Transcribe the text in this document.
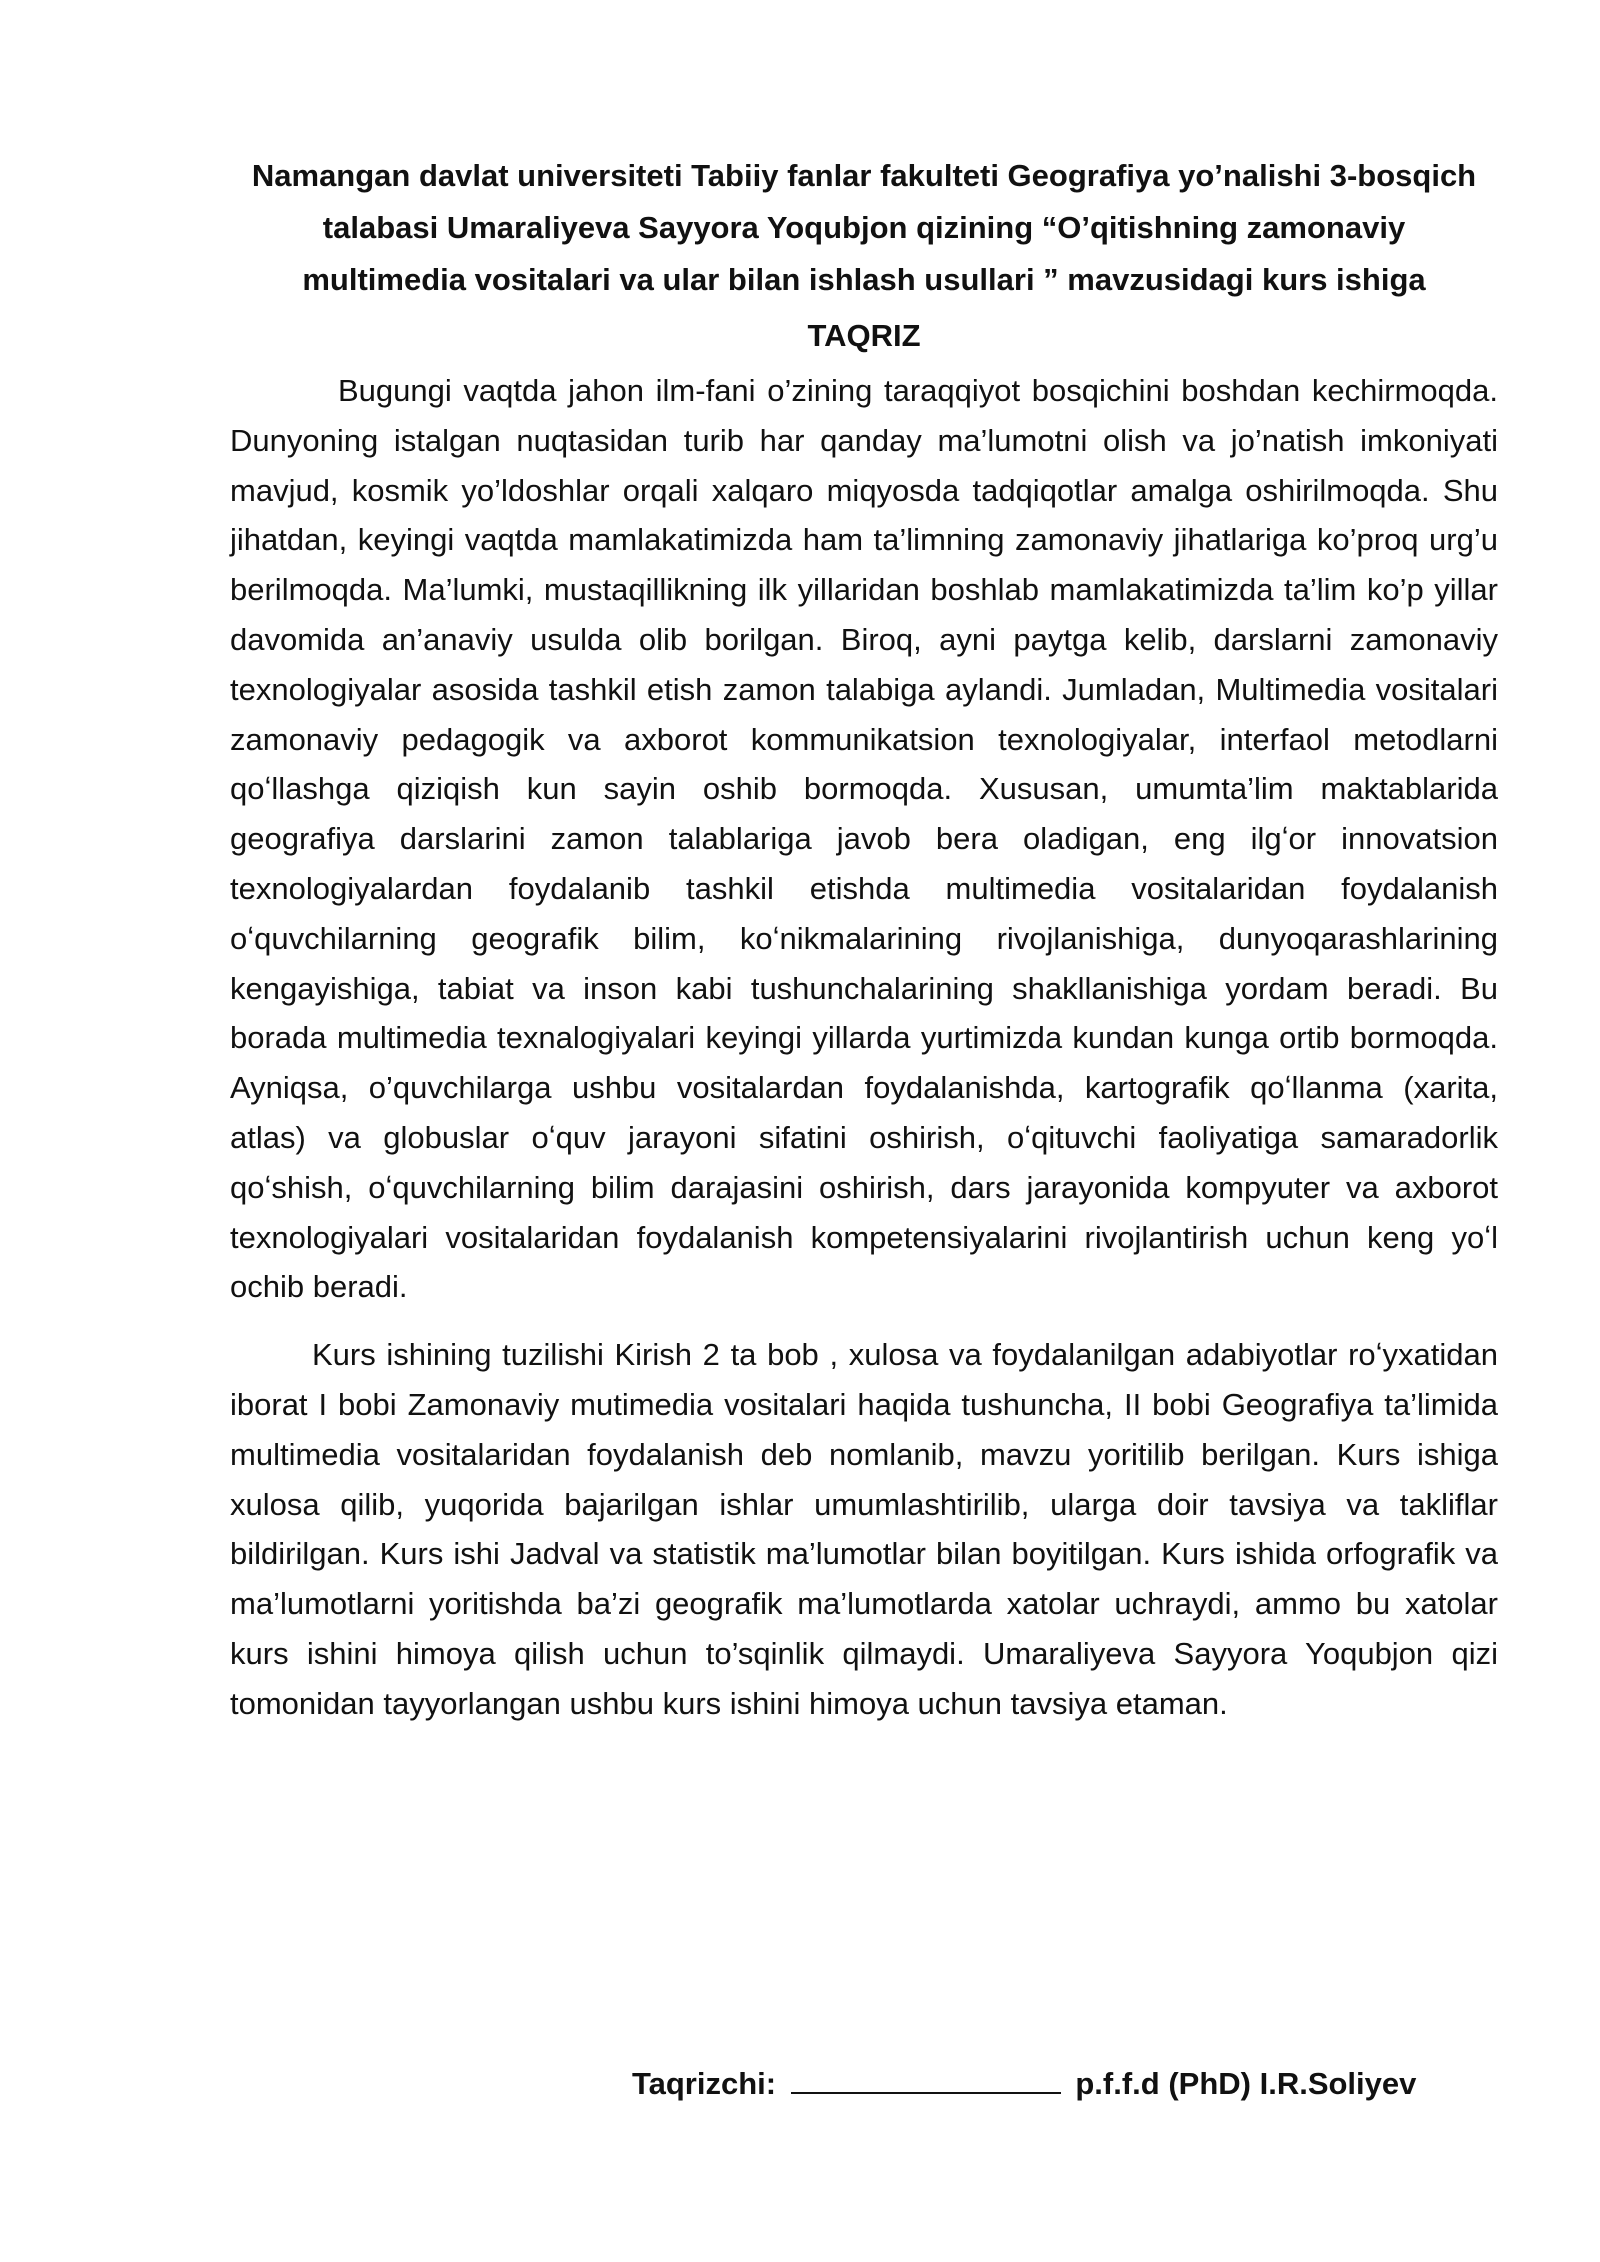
Namangan davlat universiteti Tabiiy fanlar fakulteti Geografiya yo’nalishi 3-bosqich talabasi Umaraliyeva Sayyora Yoqubjon qizining “O’qitishning zamonaviy multimedia vositalari va ular bilan ishlash usullari ” mavzusidagi kurs ishiga

TAQRIZ

Bugungi vaqtda jahon ilm-fani o’zining taraqqiyot bosqichini boshdan kechirmoqda. Dunyoning istalgan nuqtasidan turib har qanday ma’lumotni olish va jo’natish imkoniyati mavjud, kosmik yo’ldoshlar orqali xalqaro miqyosda tadqiqotlar amalga oshirilmoqda. Shu jihatdan, keyingi vaqtda mamlakatimizda ham ta’limning zamonaviy jihatlariga ko’proq urg’u berilmoqda. Ma’lumki, mustaqillikning ilk yillaridan boshlab mamlakatimizda ta’lim ko’p yillar davomida an’anaviy usulda olib borilgan. Biroq, ayni paytga kelib, darslarni zamonaviy texnologiyalar asosida tashkil etish zamon talabiga aylandi. Jumladan, Multimedia vositalari zamonaviy pedagogik va axborot kommunikatsion texnologiyalar, interfaol metodlarni qoʻllashga qiziqish kun sayin oshib bormoqda. Xususan, umumta’lim maktablarida geografiya darslarini zamon talablariga javob bera oladigan, eng ilgʻor innovatsion texnologiyalardan foydalanib tashkil etishda multimedia vositalaridan foydalanish oʻquvchilarning geografik bilim, koʻnikmalarining rivojlanishiga, dunyoqarashlarining kengayishiga, tabiat va inson kabi tushunchalarining shakllanishiga yordam beradi. Bu borada multimedia texnalogiyalari keyingi yillarda yurtimizda kundan kunga ortib bormoqda. Ayniqsa, o’quvchilarga ushbu vositalardan foydalanishda, kartografik qoʻllanma (xarita, atlas) va globuslar oʻquv jarayoni sifatini oshirish, oʻqituvchi faoliyatiga samaradorlik qoʻshish, oʻquvchilarning bilim darajasini oshirish, dars jarayonida kompyuter va axborot texnologiyalari vositalaridan foydalanish kompetensiyalarini rivojlantirish uchun keng yoʻl ochib beradi.

Kurs ishining tuzilishi Kirish 2 ta bob , xulosa va foydalanilgan adabiyotlar roʻyxatidan iborat I bobi Zamonaviy mutimedia vositalari haqida tushuncha, II bobi Geografiya ta’limida multimedia vositalaridan foydalanish deb nomlanib, mavzu yoritilib berilgan. Kurs ishiga xulosa qilib, yuqorida bajarilgan ishlar umumlashtirilib, ularga doir tavsiya va takliflar bildirilgan. Kurs ishi Jadval va statistik ma’lumotlar bilan boyitilgan. Kurs ishida orfografik va ma’lumotlarni yoritishda ba’zi geografik ma’lumotlarda xatolar uchraydi, ammo bu xatolar kurs ishini himoya qilish uchun to’sqinlik qilmaydi. Umaraliyeva Sayyora Yoqubjon qizi tomonidan tayyorlangan ushbu kurs ishini himoya uchun tavsiya etaman.

Taqrizchi:	p.f.f.d (PhD) I.R.Soliyev
